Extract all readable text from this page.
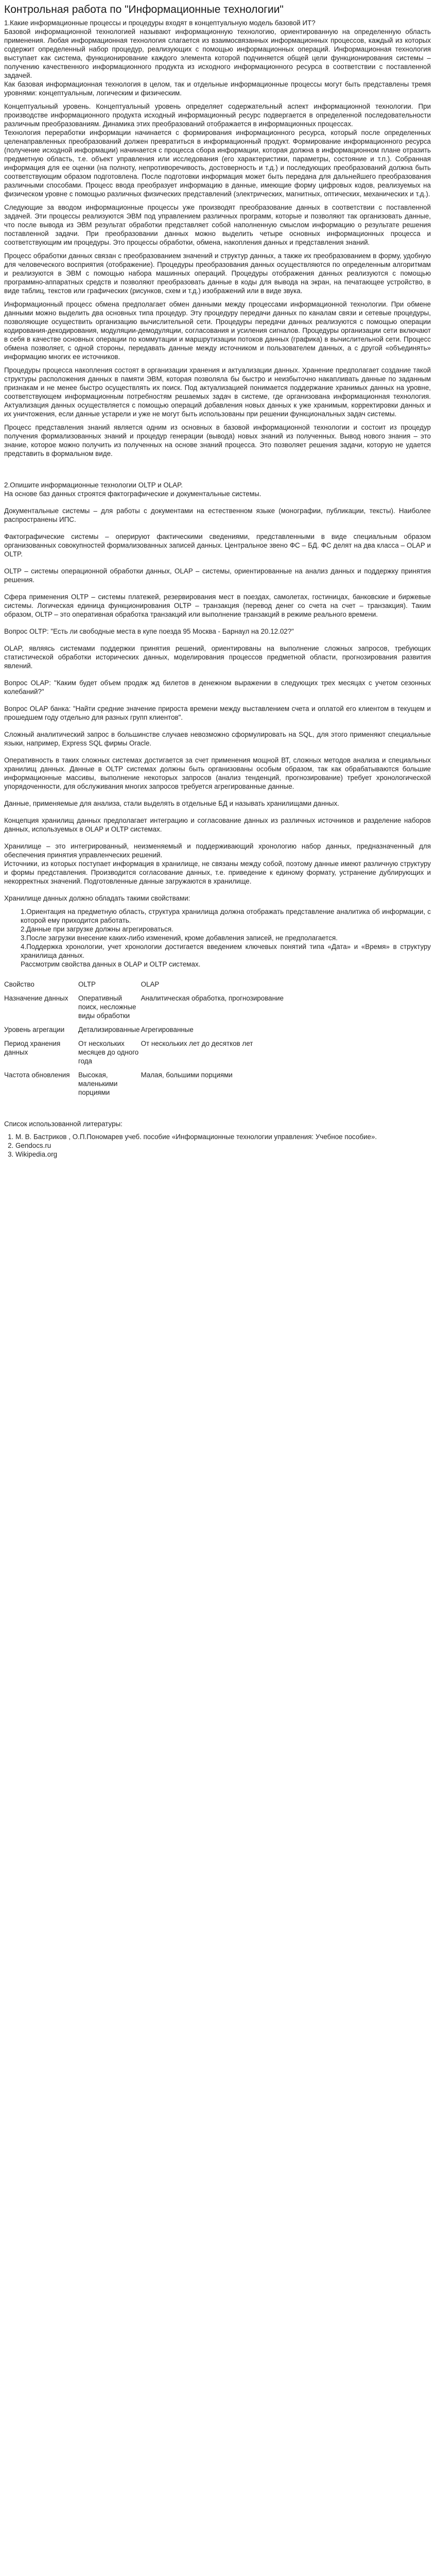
Контрольная работа по "Информационные технологии"

1.Какие информационные процессы и процедуры входят в концептуальную модель базовой ИТ?

Базовой информационной технологией называют информационную технологию, ориентированную на определенную область применения. Любая информационная технология слагается из взаимосвязанных информационных процессов, каждый из которых содержит определенный набор процедур, реализующих с помощью информационных операций. Информационная технология выступает как система, функционирование каждого элемента которой подчиняется общей цели функционирования системы – получению качественного информационного продукта из исходного информационного ресурса в соответствии с поставленной задачей.

Как базовая информационная технология в целом, так и отдельные информационные процессы могут быть представлены тремя уровнями: концептуальным, логическим и физическим.

Концептуальный уровень. Концептуальный уровень определяет содержательный аспект информационной технологии. При производстве информационного продукта исходный информационный ресурс подвергается в определенной последовательности различным преобразованиям. Динамика этих преобразований отображается в информационных процессах.

Технология переработки информации начинается с формирования информационного ресурса, который после определенных целенаправленных преобразований должен превратиться в информационный продукт. Формирование информационного ресурса (получение исходной информации) начинается с процесса сбора информации, которая должна в информационном плане отразить предметную область, т.е. объект управления или исследования (его характеристики, параметры, состояние и т.п.). Собранная информация для ее оценки (на полноту, непротиворечивость, достоверность и т.д.) и последующих преобразований должна быть соответствующим образом подготовлена. После подготовки информация может быть передана для дальнейшего преобразования различными способами. Процесс ввода преобразует информацию в данные, имеющие форму цифровых кодов, реализуемых на физическом уровне с помощью различных физических представлений (электрических, магнитных, оптических, механических и т.д.).

Следующие за вводом информационные процессы уже производят преобразование данных в соответствии с поставленной задачей. Эти процессы реализуются ЭВМ под управлением различных программ, которые и позволяют так организовать данные, что после вывода из ЭВМ результат обработки представляет собой наполненную смыслом информацию о результате решения поставленной задачи. При преобразовании данных можно выделить четыре основных информационных процесса и соответствующим им процедуры. Это процессы обработки, обмена, накопления данных и представления знаний.

Процесс обработки данных связан с преобразованием значений и структур данных, а также их преобразованием в форму, удобную для человеческого восприятия (отображение). Процедуры преобразования данных осуществляются по определенным алгоритмам и реализуются в ЭВМ с помощью набора машинных операций. Процедуры отображения данных реализуются с помощью программно-аппаратных средств и позволяют преобразовать данные в коды для вывода на экран, на печатающее устройство, в виде таблиц, текстов или графических (рисунков, схем и т.д.) изображений или в виде звука.

Информационный процесс обмена предполагает обмен данными между процессами информационной технологии. При обмене данными можно выделить два основных типа процедур. Эту процедуру передачи данных по каналам связи и сетевые процедуры, позволяющие осуществить организацию вычислительной сети. Процедуры передачи данных реализуются с помощью операции кодирования-декодирования, модуляции-демодуляции, согласования и усиления сигналов. Процедуры организации сети включают в себя в качестве основных операции по коммутации и маршрутизации потоков данных (графика) в вычислительной сети. Процесс обмена позволяет, с одной стороны, передавать данные между источником и пользователем данных, а с другой «объединять» информацию многих ее источников.

Процедуры процесса накопления состоят в организации хранения и актуализации данных. Хранение предполагает создание такой структуры расположения данных в памяти ЭВМ, которая позволяла бы быстро и неизбыточно накапливать данные по заданным признакам и не менее быстро осуществлять их поиск. Под актуализацией понимается поддержание хранимых данных на уровне, соответствующем информационным потребностям решаемых задач в системе, где организована информационная технология. Актуализация данных осуществляется с помощью операций добавления новых данных к уже хранимым, корректировки данных и их уничтожения, если данные устарели и уже не могут быть использованы при решении функциональных задач системы.

Процесс представления знаний является одним из основных в базовой информационной технологии и состоит из процедур получения формализованных знаний и процедур генерации (вывода) новых знаний из полученных. Вывод нового знания – это знание, которое можно получить из полученных на основе знаний процесса. Это позволяет решения задачи, которую не удается представить в формальном виде.

2.Опишите информационные технологии OLTP и OLAP.

На основе баз данных строятся фактографические и документальные системы.

Документальные системы – для работы с документами на естественном языке (монографии, публикации, тексты). Наиболее распространены ИПС.

Фактографические системы – оперируют фактическими сведениями, представленными в виде специальным образом организованных совокупностей формализованных записей данных. Центральное звено ФС – БД. ФС делят на два класса – OLAP и OLTP.

OLTP – системы операционной обработки данных, OLAP – системы, ориентированные на анализ данных и поддержку принятия решения.

Сфера применения OLTP – системы платежей, резервирования мест в поездах, самолетах, гостиницах, банковские и биржевые системы. Логическая единица функционирования OLTP – транзакция (перевод денег со счета на счет – транзакция). Таким образом, OLTP – это оперативная обработка транзакций или выполнение транзакций в режиме реального времени.

Вопрос OLTP: "Есть ли свободные места в купе поезда 95 Москва - Барнаул на 20.12.02?"

OLAP, являясь системами поддержки принятия решений, ориентированы на выполнение сложных запросов, требующих статистической обработки исторических данных, моделирования процессов предметной области, прогнозирования развития явлений.

Вопрос OLAP: "Каким будет объем продаж жд билетов в денежном выражении в следующих трех месяцах с учетом сезонных колебаний?"

Вопрос OLAP банка: "Найти средние значение прироста времени между выставлением счета и оплатой его клиентом в текущем и прошедшем году отдельно для разных групп клиентов".

Сложный аналитический запрос в большинстве случаев невозможно сформулировать на SQL, для этого применяют специальные языки, например, Express SQL фирмы Oracle.

Оперативность в таких сложных системах достигается за счет применения мощной ВТ, сложных методов анализа и специальных хранилищ данных. Данные в OLTP системах должны быть организованы особым образом, так как обрабатываются большие информационные массивы, выполнение некоторых запросов (анализ тенденций, прогнозирование) требует хронологической упорядоченности, для обслуживания многих запросов требуется агрегированные данные.

Данные, применяемые для анализа, стали выделять в отдельные БД и называть хранилищами данных.

Концепция хранилищ данных предполагает интеграцию и согласование данных из различных источников и разделение наборов данных, используемых в OLAP и OLTP системах.

Хранилище – это интегрированный, неизменяемый и поддерживающий хронологию набор данных, предназначенный для обеспечения принятия управленческих решений.

Источники, из которых поступает информация в хранилище, не связаны между собой, поэтому данные имеют различную структуру и формы представления. Производится согласование данных, т.е. приведение к единому формату, устранение дублирующих и некорректных значений. Подготовленные данные загружаются в хранилище.

Хранилище данных должно обладать такими свойствами:

1.Ориентация на предметную область, структура хранилища должна отображать представление аналитика об информации, с которой ему приходится работать.

2.Данные при загрузке должны агрегироваться.

3.После загрузки внесение каких-либо изменений, кроме добавления записей, не предполагается.

4.Поддержка хронологии, учет хронологии достигается введением ключевых понятий типа «Дата» и «Время» в структуру хранилища данных.

Рассмотрим свойства данных в OLAP и OLTP системах.

Свойство	OLTP	OLAP

Назначение данных	Оперативный поиск, несложные виды обработки	Аналитическая обработка, прогнозирование

Уровень агрегации	Детализированные	Агрегированные

Период хранения данных	От нескольких месяцев до одного года	От нескольких лет до десятков лет

Частота обновления	Высокая, маленькими порциями	Малая, большими порциями

Список использованной литературы:

1. М. В. Бастриков , О.П.Пономарев учеб. пособие «Информационные технологии управления: Учебное пособие».
2. Gendocs.ru
3. Wikipedia.org
